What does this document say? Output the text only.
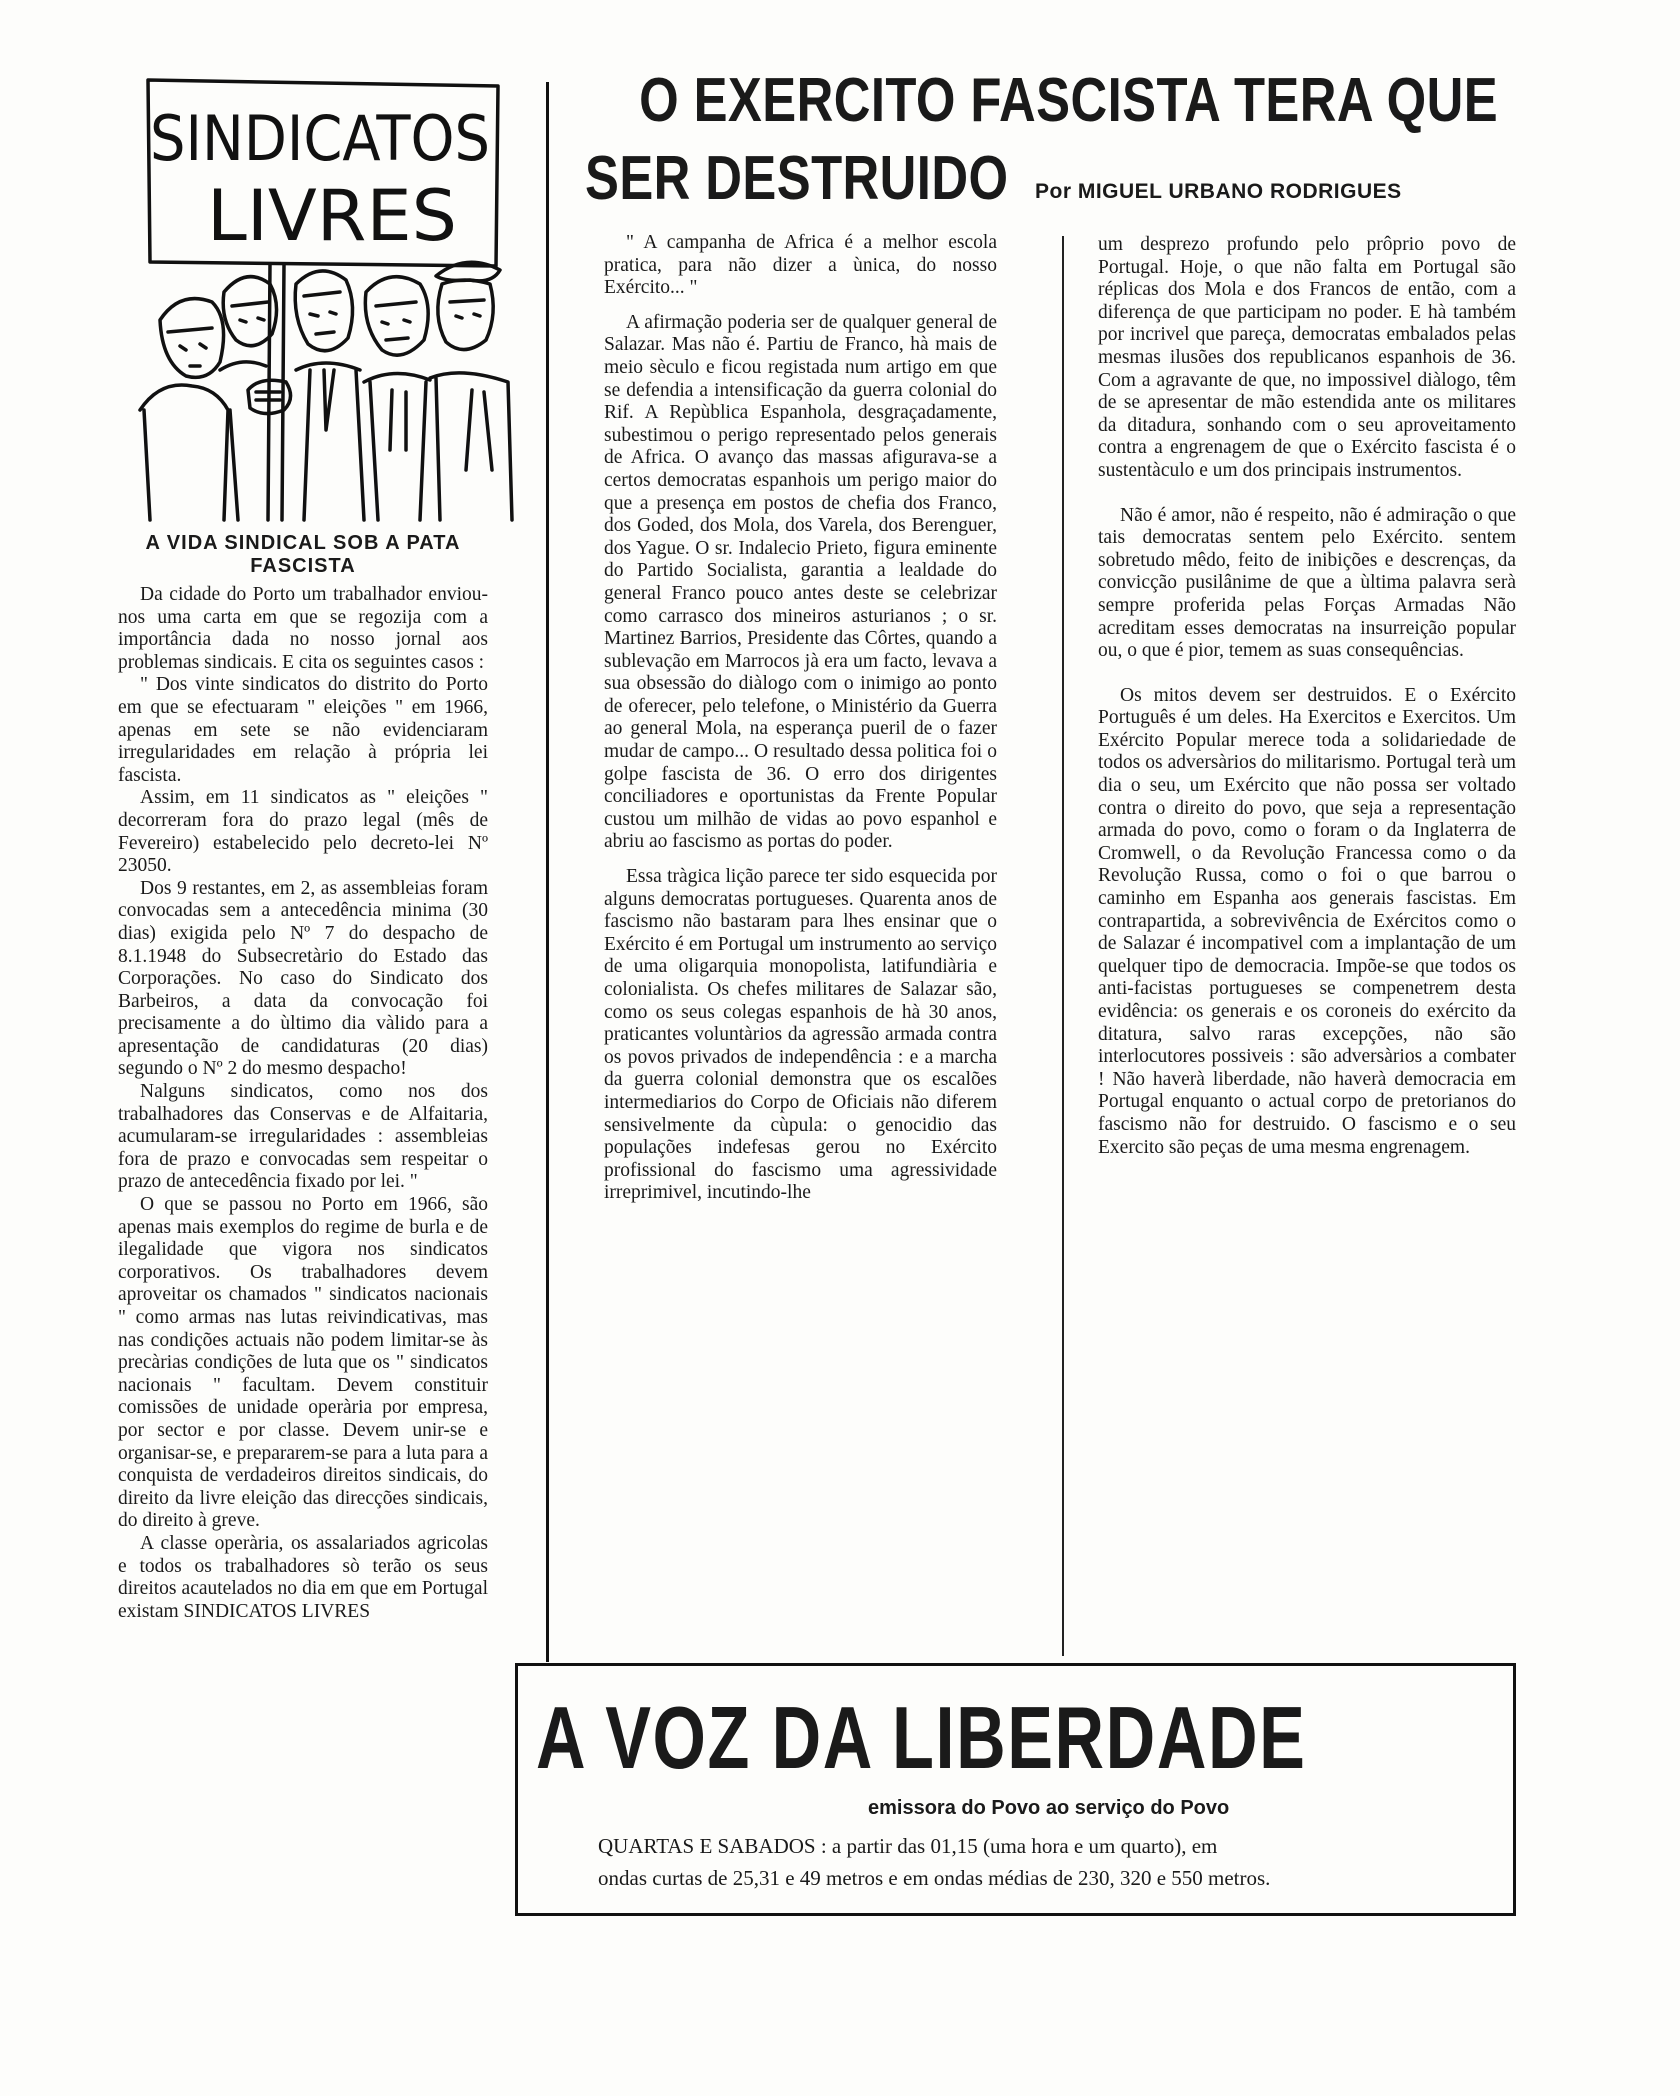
SINDICATOS
LIVRES
A VIDA SINDICAL SOB A PATA FASCISTA

Da cidade do Porto um trabalhador enviou-nos uma carta em que se regozija com a importância dada no nosso jornal aos problemas sindicais. E cita os seguintes casos :

" Dos vinte sindicatos do distrito do Porto em que se efectuaram " eleições " em 1966, apenas em sete se não evidenciaram irregularidades em relação à própria lei fascista.

Assim, em 11 sindicatos as " eleições " decorreram fora do prazo legal (mês de Fevereiro) estabelecido pelo decreto-lei Nº 23050.

Dos 9 restantes, em 2, as assembleias foram convocadas sem a antecedência minima (30 dias) exigida pelo Nº 7 do despacho de 8.1.1948 do Subsecretàrio do Estado das Corporações. No caso do Sindicato dos Barbeiros, a data da convocação foi precisamente a do ùltimo dia vàlido para a apresentação de candidaturas (20 dias) segundo o Nº 2 do mesmo despacho!

Nalguns sindicatos, como nos dos trabalhadores das Conservas e de Alfaitaria, acumularam-se irregularidades : assembleias fora de prazo e convocadas sem respeitar o prazo de antecedência fixado por lei. "

O que se passou no Porto em 1966, são apenas mais exemplos do regime de burla e de ilegalidade que vigora nos sindicatos corporativos. Os trabalhadores devem aproveitar os chamados " sindicatos nacionais " como armas nas lutas reivindicativas, mas nas condições actuais não podem limitar-se às precàrias condições de luta que os " sindicatos nacionais " facultam. Devem constituir comissões de unidade operària por empresa, por sector e por classe. Devem unir-se e organisar-se, e prepararem-se para a luta para a conquista de verdadeiros direitos sindicais, do direito da livre eleição das direcções sindicais, do direito à greve.

A classe operària, os assalariados agricolas e todos os trabalhadores sò terão os seus direitos acautelados no dia em que em Portugal existam SINDICATOS LIVRES

O EXERCITO FASCISTA TERA QUE
SER DESTRUIDO	Por MIGUEL URBANO RODRIGUES

" A campanha de Africa é a melhor escola pratica, para não dizer a ùnica, do nosso Exército... "

A afirmação poderia ser de qualquer general de Salazar. Mas não é. Partiu de Franco, hà mais de meio sèculo e ficou registada num artigo em que se defendia a intensificação da guerra colonial do Rif. A Repùblica Espanhola, desgraçadamente, subestimou o perigo representado pelos generais de Africa. O avanço das massas afigurava-se a certos democratas espanhois um perigo maior do que a presença em postos de chefia dos Franco, dos Goded, dos Mola, dos Varela, dos Berenguer, dos Yague. O sr. Indalecio Prieto, figura eminente do Partido Socialista, garantia a lealdade do general Franco pouco antes deste se celebrizar como carrasco dos mineiros asturianos ; o sr. Martinez Barrios, Presidente das Côrtes, quando a sublevação em Marrocos jà era um facto, levava a sua obsessão do diàlogo com o inimigo ao ponto de oferecer, pelo telefone, o Ministério da Guerra ao general Mola, na esperança pueril de o fazer mudar de campo... O resultado dessa politica foi o golpe fascista de 36. O erro dos dirigentes conciliadores e oportunistas da Frente Popular custou um milhão de vidas ao povo espanhol e abriu ao fascismo as portas do poder.

Essa tràgica lição parece ter sido esquecida por alguns democratas portugueses. Quarenta anos de fascismo não bastaram para lhes ensinar que o Exército é em Portugal um instrumento ao serviço de uma oligarquia monopolista, latifundiària e colonialista. Os chefes militares de Salazar são, como os seus colegas espanhois de hà 30 anos, praticantes voluntàrios da agressão armada contra os povos privados de independência : e a marcha da guerra colonial demonstra que os escalões intermediarios do Corpo de Oficiais não diferem sensivelmente da cùpula: o genocidio das populações indefesas gerou no Exército profissional do fascismo uma agressividade irreprimivel, incutindo-lhe

um desprezo profundo pelo prôprio povo de Portugal. Hoje, o que não falta em Portugal são réplicas dos Mola e dos Francos de então, com a diferença de que participam no poder. E hà também por incrivel que pareça, democratas embalados pelas mesmas ilusões dos republicanos espanhois de 36. Com a agravante de que, no impossivel diàlogo, têm de se apresentar de mão estendida ante os militares da ditadura, sonhando com o seu aproveitamento contra a engrenagem de que o Exército fascista é o sustentàculo e um dos principais instrumentos.

Não é amor, não é respeito, não é admiração o que tais democratas sentem pelo Exército. sentem sobretudo mêdo, feito de inibições e descrenças, da convicção pusilânime de que a ùltima palavra serà sempre proferida pelas Forças Armadas Não acreditam esses democratas na insurreição popular ou, o que é pior, temem as suas consequências.

Os mitos devem ser destruidos. E o Exército Português é um deles. Ha Exercitos e Exercitos. Um Exército Popular merece toda a solidariedade de todos os adversàrios do militarismo. Portugal terà um dia o seu, um Exército que não possa ser voltado contra o direito do povo, que seja a representação armada do povo, como o foram o da Inglaterra de Cromwell, o da Revolução Francessa como o da Revolução Russa, como o foi o que barrou o caminho em Espanha aos generais fascistas. Em contrapartida, a sobrevivência de Exércitos como o de Salazar é incompativel com a implantação de um quelquer tipo de democracia. Impõe-se que todos os anti-facistas portugueses se compenetrem desta evidência: os generais e os coroneis do exército da ditatura, salvo raras excepções, não são interlocutores possiveis : são adversàrios a combater ! Não haverà liberdade, não haverà democracia em Portugal enquanto o actual corpo de pretorianos do fascismo não for destruido. O fascismo e o seu Exercito são peças de uma mesma engrenagem.

A VOZ DA LIBERDADE
emissora do Povo ao serviço do Povo
QUARTAS E SABADOS : a partir das 01,15 (uma hora e um quarto), em
ondas curtas de 25,31 e 49 metros e em ondas médias de 230, 320 e 550 metros.
